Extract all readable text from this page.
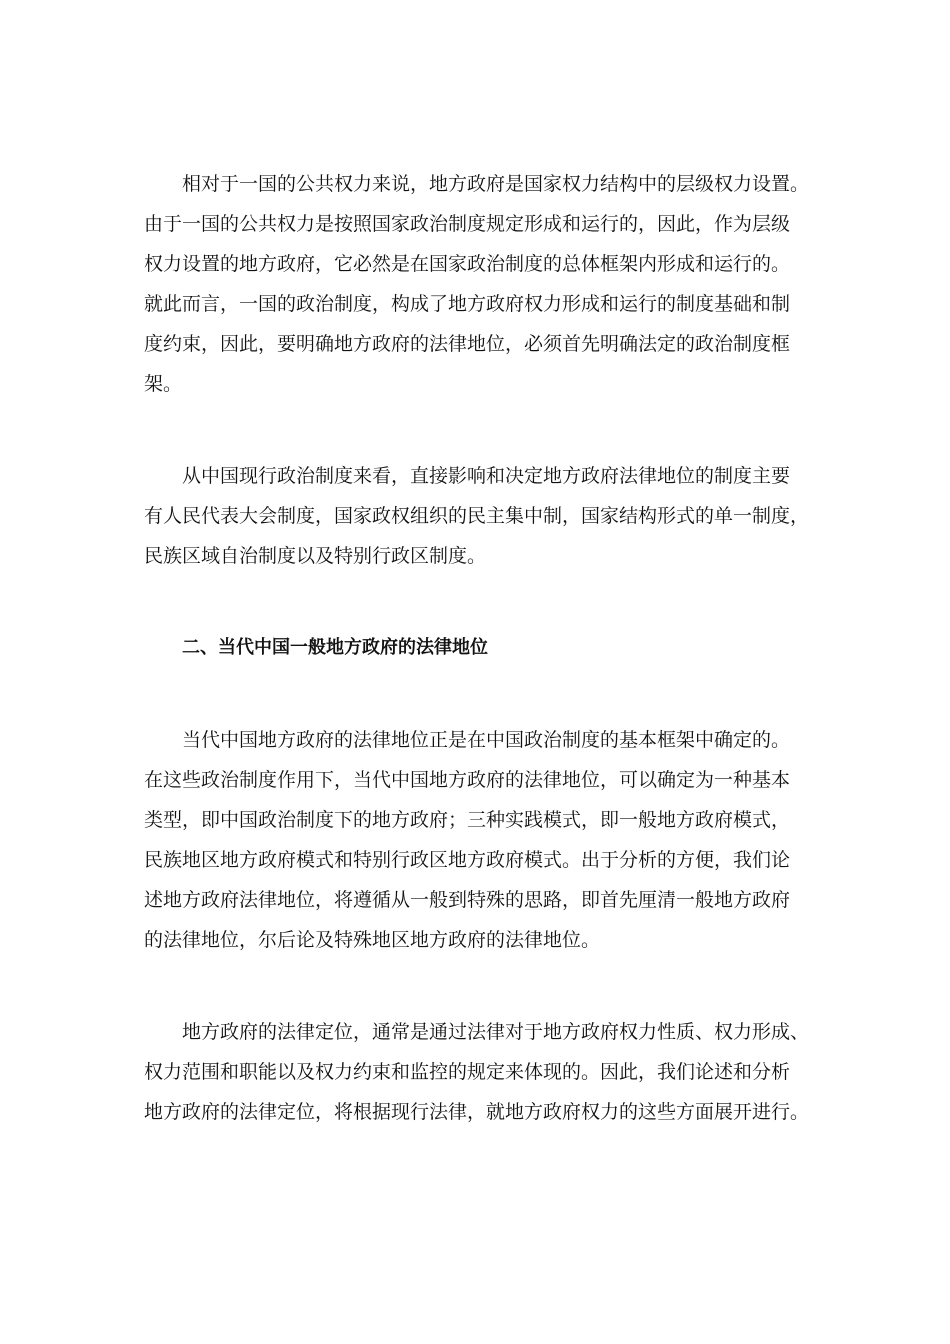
相对于一国的公共权力来说，地方政府是国家权力结构中的层级权力设置。
由于一国的公共权力是按照国家政治制度规定形成和运行的，因此，作为层级
权力设置的地方政府，它必然是在国家政治制度的总体框架内形成和运行的。
就此而言，一国的政治制度，构成了地方政府权力形成和运行的制度基础和制
度约束，因此，要明确地方政府的法律地位，必须首先明确法定的政治制度框
架。
从中国现行政治制度来看，直接影响和决定地方政府法律地位的制度主要
有人民代表大会制度，国家政权组织的民主集中制，国家结构形式的单一制度，
民族区域自治制度以及特别行政区制度。
二、当代中国一般地方政府的法律地位
当代中国地方政府的法律地位正是在中国政治制度的基本框架中确定的。
在这些政治制度作用下，当代中国地方政府的法律地位，可以确定为一种基本
类型，即中国政治制度下的地方政府；三种实践模式，即一般地方政府模式，
民族地区地方政府模式和特别行政区地方政府模式。出于分析的方便，我们论
述地方政府法律地位，将遵循从一般到特殊的思路，即首先厘清一般地方政府
的法律地位，尔后论及特殊地区地方政府的法律地位。
地方政府的法律定位，通常是通过法律对于地方政府权力性质、权力形成、
权力范围和职能以及权力约束和监控的规定来体现的。因此，我们论述和分析
地方政府的法律定位，将根据现行法律，就地方政府权力的这些方面展开进行。
